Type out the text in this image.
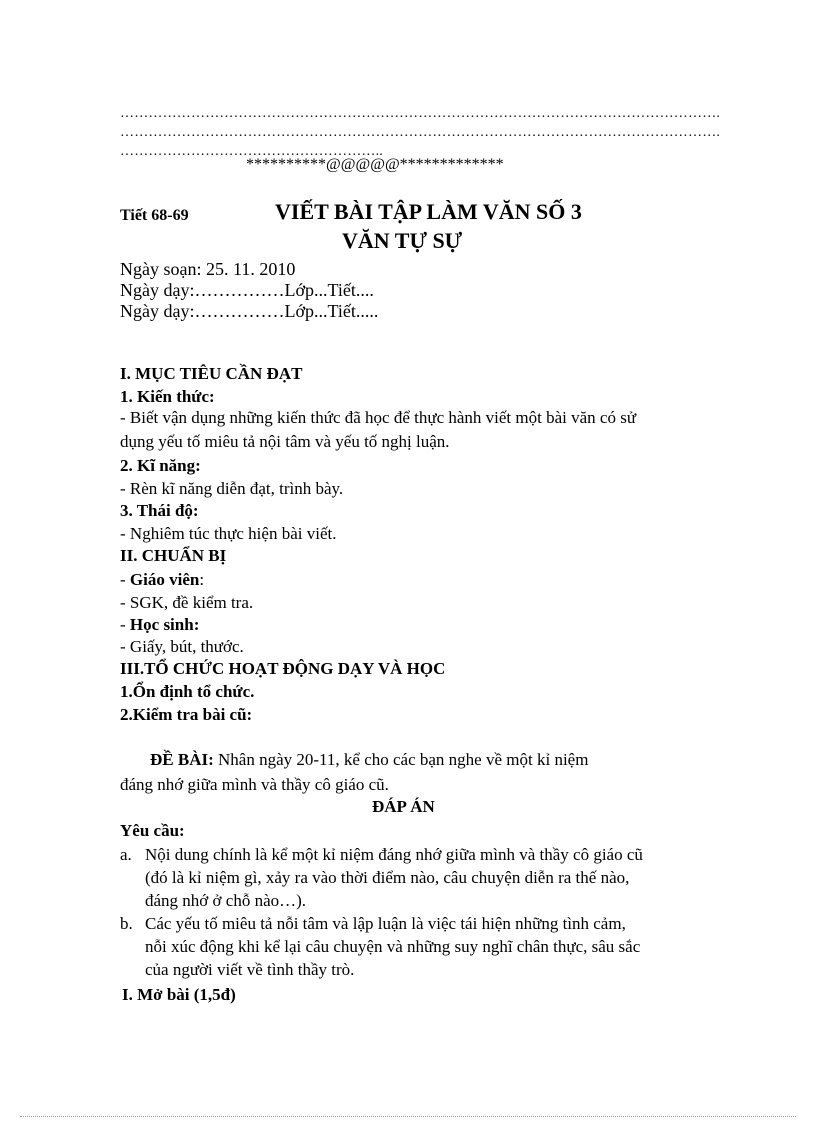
……………………………………………………………………………………………………………….
……………………………………………………………………………………………………………….
………………………………………………..
**********@@@@@*************
Tiết 68-69	VIẾT BÀI TẬP LÀM VĂN SỐ 3
VĂN TỰ SỰ
Ngày soạn: 25. 11. 2010
Ngày dạy:……………Lớp...Tiết....
Ngày dạy:……………Lớp...Tiết.....
I. MỤC TIÊU CẦN ĐẠT
1. Kiến thức:
- Biết vận dụng những kiến thức đã học để thực hành viết một bài văn có sử
dụng yếu tố miêu tả nội tâm và yếu tố nghị luận.
2. Kĩ năng:
- Rèn kĩ năng diễn đạt, trình bày.
3. Thái độ:
- Nghiêm túc thực hiện bài viết.
II. CHUẨN BỊ
- Giáo viên:
- SGK, đề kiểm tra.
- Học sinh:
- Giấy, bút, thước.
III.TỔ CHỨC HOẠT ĐỘNG DẠY VÀ HỌC
1.Ổn định tổ chức.
2.Kiểm tra bài cũ:
ĐỀ BÀI: Nhân ngày 20-11, kể cho các bạn nghe về một kỉ niệm
đáng nhớ giữa mình và thầy cô giáo cũ.
ĐÁP ÁN
Yêu cầu:
a. Nội dung chính là kể một kỉ niệm đáng nhớ giữa mình và thầy cô giáo cũ
(đó là kỉ niệm gì, xảy ra vào thời điểm nào, câu chuyện diễn ra thế nào,
đáng nhớ ở chỗ nào…).
b. Các yếu tố miêu tả nỗi tâm và lập luận là việc tái hiện những tình cảm,
nỗi xúc động khi kể lại câu chuyện và những suy nghĩ chân thực, sâu sắc
của người viết về tình thầy trò.
I. Mở bài (1,5đ)
